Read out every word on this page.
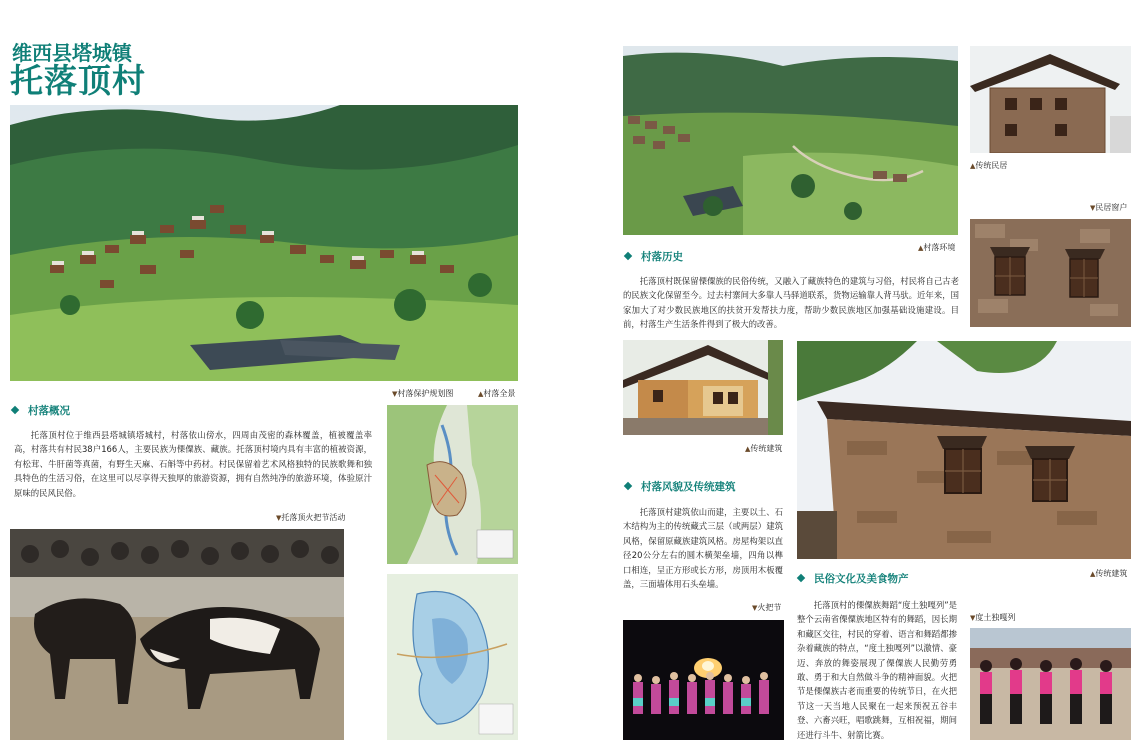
维西县塔城镇
托落顶村
▼村落保护规划图	▲村落全景
村落概况
托落顶村位于维西县塔城镇塔城村，村落依山傍水，四周由茂密的森林覆盖，植被覆盖率高，村落共有村民38户166人，主要民族为傈僳族、藏族。托落顶村境内具有丰富的植被资源，有松茸、牛肝菌等真菌，有野生天麻、石斛等中药材。村民保留着艺术风格独特的民族歌舞和独具特色的生活习俗，在这里可以尽享得天独厚的旅游资源，拥有自然纯净的旅游环境，体验原汁原味的民风民俗。
▼托落顶火把节活动
▲村落环境
村落历史
托落顶村既保留傈僳族的民俗传统，又融入了藏族特色的建筑与习俗，村民将自己古老的民族文化保留至今。过去村寨间大多靠人马驿道联系，货物运输靠人背马驮。近年来，国家加大了对少数民族地区的扶贫开发帮扶力度，帮助少数民族地区加强基础设施建设。目前，村落生产生活条件得到了极大的改善。
▲传统民居
▼民居窗户
▲传统建筑
村落风貌及传统建筑
托落顶村建筑依山而建，主要以土、石木结构为主的传统藏式三层（或两层）建筑风格，保留原藏族建筑风格。房屋构架以直径20公分左右的圆木横架垒墙，四角以榫口相连，呈正方形或长方形，房顶用木板覆盖，三面墙体用石头垒墙。
▼火把节
▲传统建筑
民俗文化及美食物产
托落顶村的傈僳族舞蹈“度土独嘎列”是整个云南省傈僳族地区特有的舞蹈，因长期和藏区交往，村民的穿着、语言和舞蹈都掺杂着藏族的特点，“度土独嘎列”以激情、豪迈、奔放的舞姿展现了傈僳族人民勤劳勇敢、勇于和大自然做斗争的精神面貌。火把节是傈僳族古老而重要的传统节日，在火把节这一天当地人民聚在一起来预祝五谷丰登、六畜兴旺，唱歌跳舞，互相祝福，期间还进行斗牛、射箭比赛。
▼度土独嘎列
